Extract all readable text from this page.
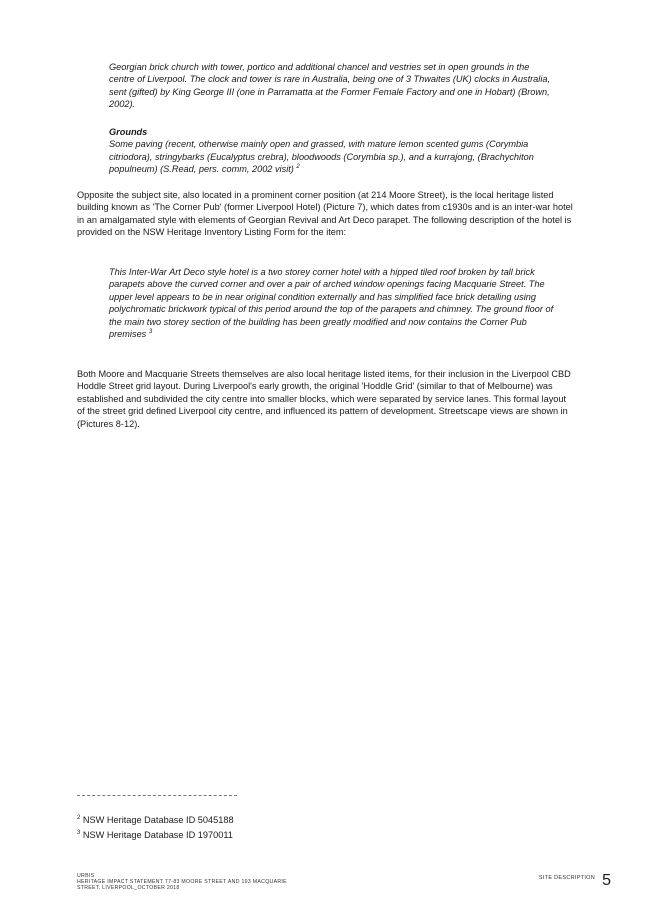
Georgian brick church with tower, portico and additional chancel and vestries set in open grounds in the centre of Liverpool. The clock and tower is rare in Australia, being one of 3 Thwaites (UK) clocks in Australia, sent (gifted) by King George III (one in Parramatta at the Former Female Factory and one in Hobart) (Brown, 2002).

Grounds

Some paving (recent, otherwise mainly open and grassed, with mature lemon scented gums (Corymbia citriodora), stringybarks (Eucalyptus crebra), bloodwoods (Corymbia sp.), and a kurrajong, (Brachychiton populneum) (S.Read, pers. comm, 2002 visit) $^2$

Opposite the subject site, also located in a prominent corner position (at 214 Moore Street), is the local heritage listed building known as 'The Corner Pub' (former Liverpool Hotel) (Picture 7), which dates from c1930s and is an inter-war hotel in an amalgamated style with elements of Georgian Revival and Art Deco parapet. The following description of the hotel is provided on the NSW Heritage Inventory Listing Form for the item:

This Inter-War Art Deco style hotel is a two storey corner hotel with a hipped tiled roof broken by tall brick parapets above the curved corner and over a pair of arched window openings facing Macquarie Street. The upper level appears to be in near original condition externally and has simplified face brick detailing using polychromatic brickwork typical of this period around the top of the parapets and chimney. The ground floor of the main two storey section of the building has been greatly modified and now contains the Corner Pub premises $^3$

Both Moore and Macquarie Streets themselves are also local heritage listed items, for their inclusion in the Liverpool CBD Hoddle Street grid layout. During Liverpool's early growth, the original 'Hoddle Grid' (similar to that of Melbourne) was established and subdivided the city centre into smaller blocks, which were separated by service lanes. This formal layout of the street grid defined Liverpool city centre, and influenced its pattern of development. Streetscape views are shown in (Pictures 8-12).

$^2$ NSW Heritage Database ID 5045188
$^3$ NSW Heritage Database ID 1970011
URBIS
HERITAGE IMPACT STATEMENT 77-83 MOORE STREET AND 193 MACQUARIE
STREET, LIVERPOOL_OCTOBER 2018
SITE DESCRIPTION 5
